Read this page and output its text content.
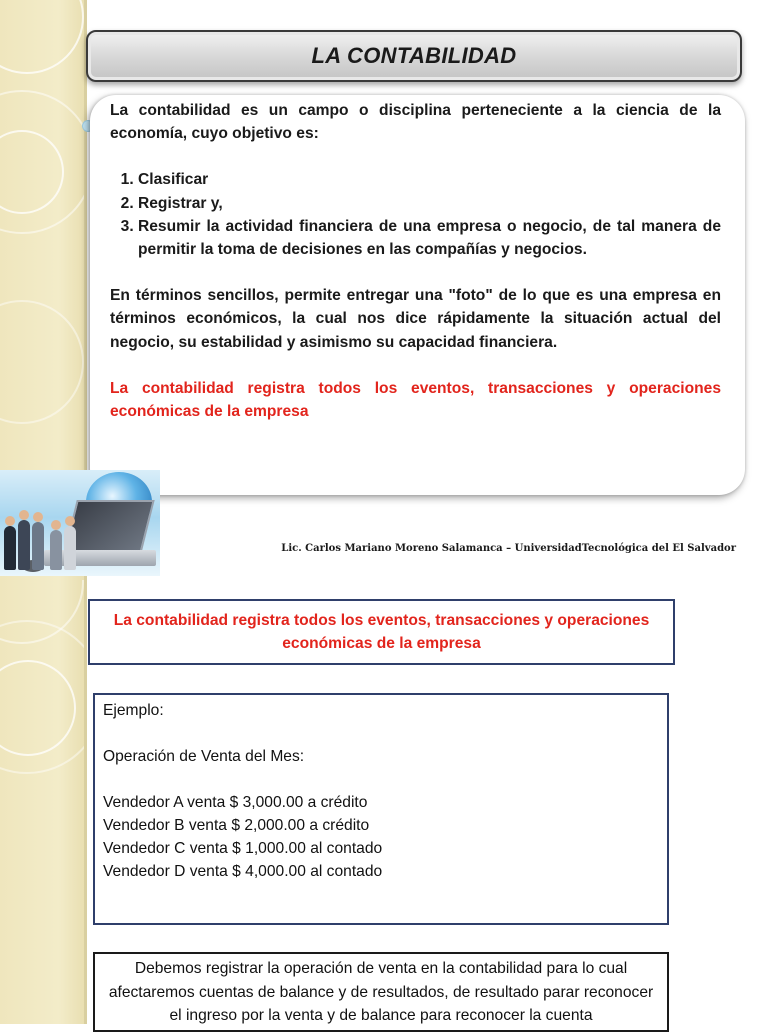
LA CONTABILIDAD

La contabilidad es un campo o disciplina perteneciente a la ciencia de la economía, cuyo objetivo es:

1. Clasificar
2. Registrar y,
3. Resumir la actividad financiera de una empresa o negocio, de tal manera de permitir la toma de decisiones en las compañías y negocios.

En términos sencillos, permite entregar una "foto" de lo que es una empresa en términos económicos, la cual nos dice rápidamente la situación actual del negocio, su estabilidad y asimismo su capacidad financiera.

La contabilidad registra todos los eventos, transacciones y operaciones económicas de la empresa

Lic. Carlos Mariano Moreno Salamanca – UniversidadTecnológica del El Salvador
La contabilidad registra todos los eventos, transacciones y operaciones económicas de la empresa
Ejemplo:
Operación de Venta del Mes:
Vendedor A venta $ 3,000.00 a crédito
Vendedor B venta $ 2,000.00 a crédito
Vendedor C venta $ 1,000.00 al contado
Vendedor D venta $ 4,000.00 al contado
Debemos registrar la operación de venta en la contabilidad para lo cual afectaremos cuentas de balance y de resultados, de resultado parar reconocer el ingreso por la venta y de balance para reconocer la cuenta
